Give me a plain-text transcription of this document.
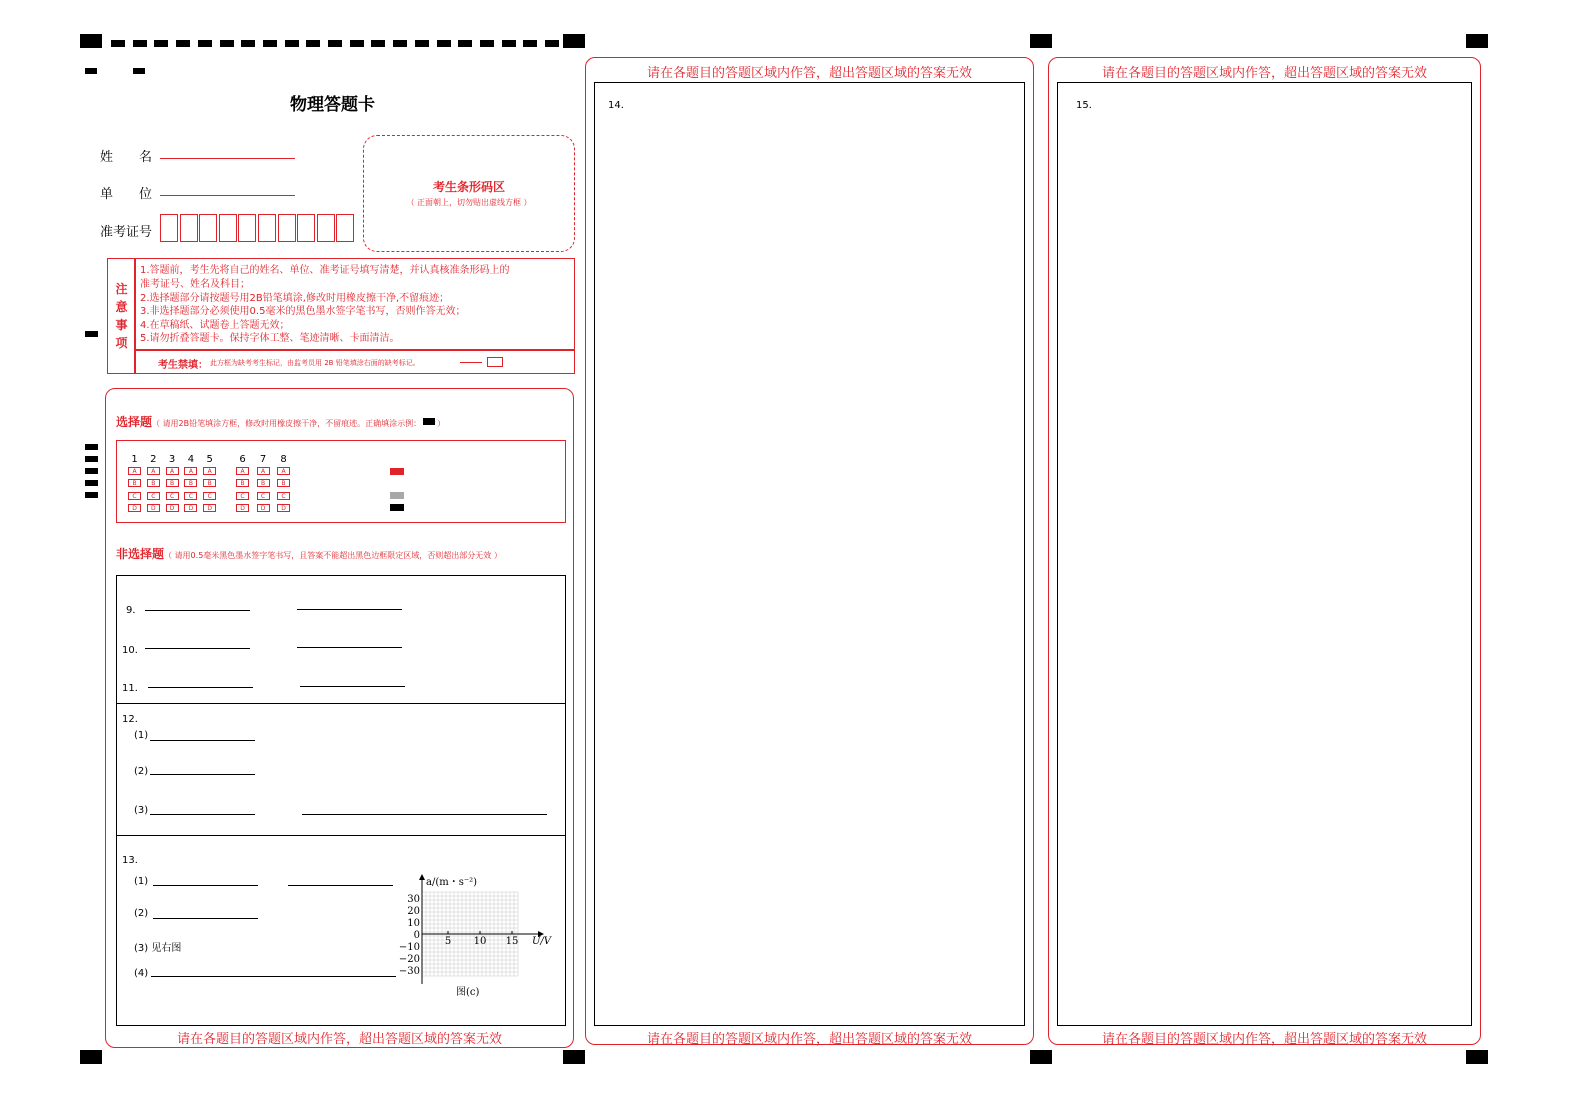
物理答题卡
姓　　名
单　　位
准考证号
考生条形码区
（ 正面朝上，切勿贴出虚线方框 ）
注
意
事
项
1.答题前，考生先将自己的姓名、单位、准考证号填写清楚，并认真核准条形码上的
准考证号、姓名及科目；
2.选择题部分请按题号用2B铅笔填涂,修改时用橡皮擦干净,不留痕迹；
3.非选择题部分必须使用0.5毫米的黑色墨水签字笔书写，否则作答无效；
4.在草稿纸、试题卷上答题无效；
5.请勿折叠答题卡。保持字体工整、笔迹清晰、卡面清洁。
考生禁填： 此方框为缺考考生标记，由监考员用 2B 铅笔填涂右面的缺考标记。
选择题（ 请用2B铅笔填涂方框，修改时用橡皮擦干净，不留痕迹。正确填涂示例： ）
1
A
B
C
D
2
A
B
C
D
3
A
B
C
D
4
A
B
C
D
5
A
B
C
D
6
A
B
C
D
7
A
B
C
D
8
A
B
C
D
非选择题（ 请用0.5毫米黑色墨水签字笔书写，且答案不能超出黑色边框限定区域，否则超出部分无效 ）
9．
10．
11．
12．
(1)
(2)
(3)
13．
(1)
(2)
(3) 见右图
(4)
30
20
10
0
−10
−20
−30
5 10 15 U/V
a/(m・s⁻²)
图(c)
14．	15．
请在各题目的答题区域内作答，超出答题区域的答案无效	请在各题目的答题区域内作答，超出答题区域的答案无效
请在各题目的答题区域内作答，超出答题区域的答案无效	请在各题目的答题区域内作答，超出答题区域的答案无效	请在各题目的答题区域内作答，超出答题区域的答案无效
